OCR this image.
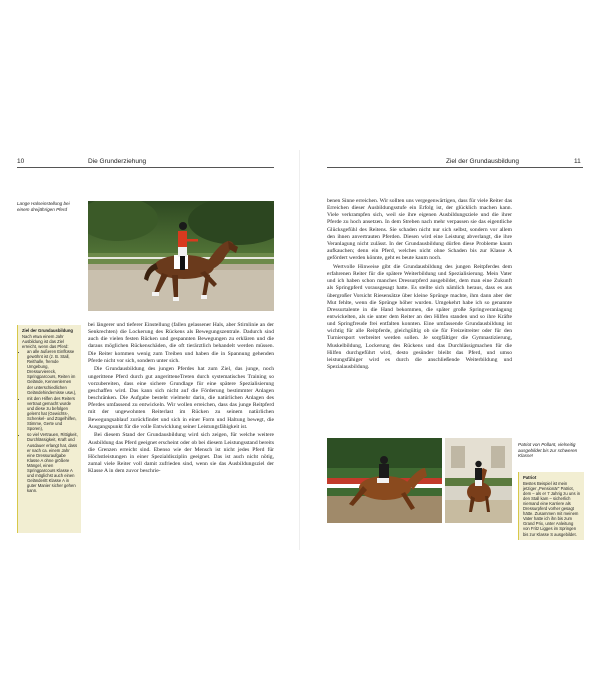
10	Die Grunderziehung
Lange Halseinstellung bei einem dreijährigen Pferd
Ziel der Grundausbildung
Nach etwa einem Jahr Ausbildung ist das Ziel erreicht, wenn das Pferd:
• an alle äußeren Einflüsse gewöhnt ist (z. B. Stall, Reithalle, fremde Umgebung, Dressurviereck, Springparcours, Reiten im Gelände, Kennenlernen der unterschiedlichen Geländehindernisse usw.),
• mit den Hilfen des Reiters vertraut gemacht wurde und diese zu befolgen gelernt hat (Gewichts-, Schenkel- und Zügelhilfen, Stimme, Gerte und Sporen),
• so viel Vertrauen, Rittigkeit, Durchlässigkeit, Kraft und Ausdauer erlangt hat, dass er nach ca. einem Jahr eine Dressuraufgabe Klasse A ohne größere Mängel, einen Springparcours Klasse A und möglichst auch einen Geländeritt Klasse A in guter Manier sicher gehen kann.

bei längerer und tieferer Einstellung (fallen gelassener Hals, aber Stirnlinie an der Senkrechten) die Lockerung des Rückens als Bewegungszentrale. Dadurch sind auch die vielen festen Rücken und gespannten Bewegungen zu erklären und die daraus möglichen Rückenschäden, die oft tierärztlich behandelt werden müssen. Die Reiter kommen wenig zum Treiben und haben die in Spannung gehenden Pferde nicht vor sich, sondern unter sich.

Die Grundausbildung des jungen Pferdes hat zum Ziel, das junge, noch ungerittene Pferd durch gut angeritteneTreten durch systematisches Training so vorzubereiten, dass eine sichere Grundlage für eine spätere Spezialisierung geschaffen wird. Das kann sich nicht auf die Förderung bestimmter Anlagen beschränken. Die Aufgabe besteht vielmehr darin, die natürlichen Anlagen des Pferdes umfassend zu entwickeln. Wir wollen erreichen, dass das junge Reitpferd mit der ungewohnten Reiterlast im Rücken zu seinem natürlichen Bewegungsablauf zurückfindet und sich in einer Form und Haltung bewegt, die Ausgangspunkt für die volle Entwicklung seiner Leistungsfähigkeit ist.

Bei diesem Stand der Grundausbildung wird sich zeigen, für welche weitere Ausbildung das Pferd geeignet erscheint oder ob bei diesem Leistungsstand bereits die Grenzen erreicht sind. Ebenso wie der Mensch ist nicht jedes Pferd für Höchstleistungen in einer Spezialdisziplin geeignet. Das ist auch nicht nötig, zumal viele Reiter voll damit zufrieden sind, wenn sie das Ausbildungsziel der Klasse A in dem zuvor beschrie-

Ziel der Grundausbildung	11

benen Sinne erreichen. Wir sollten uns vergegenwärtigen, dass für viele Reiter das Erreichen dieser Ausbildungsstufe ein Erfolg ist, der glücklich machen kann. Viele verkrampfen sich, weil sie ihre eigenen Ausbildungsziele und die ihrer Pferde zu hoch ansetzen. In dem Streben nach mehr verpassen sie das eigentliche Glücksgefühl des Reitens. Sie schaden nicht nur sich selbst, sondern vor allem den ihnen anvertrauten Pferden. Diesen wird eine Leistung abverlangt, die ihre Veranlagung nicht zulässt. In der Grundausbildung dürfen diese Probleme kaum aufkauchen; denn ein Pferd, welches nicht ohne Schaden bis zur Klasse A gefördert werden könnte, geht es beute kaum noch.

Wertvolle Hinweise gibt die Grundausbildung des jungen Reitpferdes dem erfahrenen Reiter für die spätere Weiterbildung und Spezialisierung. Mein Vater und ich haben schon manches Dressurpferd ausgebildet, dem man eine Zukunft als Springpferd vorausgesagt hatte. Es stellte sich nämlich heraus, dass es aus übergroßer Vorsicht Riesensätze über kleine Sprünge machte, ihm dann aber der Mut fehlte, wenn die Sprünge höher wurden. Umgekehrt habe ich so genannte Dressurtalente in die Hand bekommen, die später große Springveranlagung entwickelten, als sie unter dem Reiter an den Hilfen standen und so ihre Kräfte und Springfreude frei entfalten konnten. Eine umfassende Grundausbildung ist wichtig für alle Reitpferde, gleichgültig ob sie für Freizeitreiter oder für den Turniersport verbreitet werden sollen. Je sorgfältiger die Gymnastizierung, Muskelbildung, Lockerung des Rückens und das Durchlässigmachen für die Hilfen durchgeführt wird, desto gesünder bleibt das Pferd, und umso leistungsfähiger wird es durch die anschließende Weiterbildung und Spezialausbildung.

Patriot von Pollant, vielseitig ausgebildet bis zur schweren Klasse!
Patriot
Bestes Beispiel ist mein jetziger „Pensionär" Patriot, dem – als er 7 Jahrig zu uns in den Stall kam – sicherlich niemand eine Karriere als Dressurpferd vorher gesagt hätte. Zusammen mit meinem Vater hatte ich ihn bis zum Grand Prix, unter Anleitung von Fritz Ligges im Springen bis zur Klasse S ausgebildet.
